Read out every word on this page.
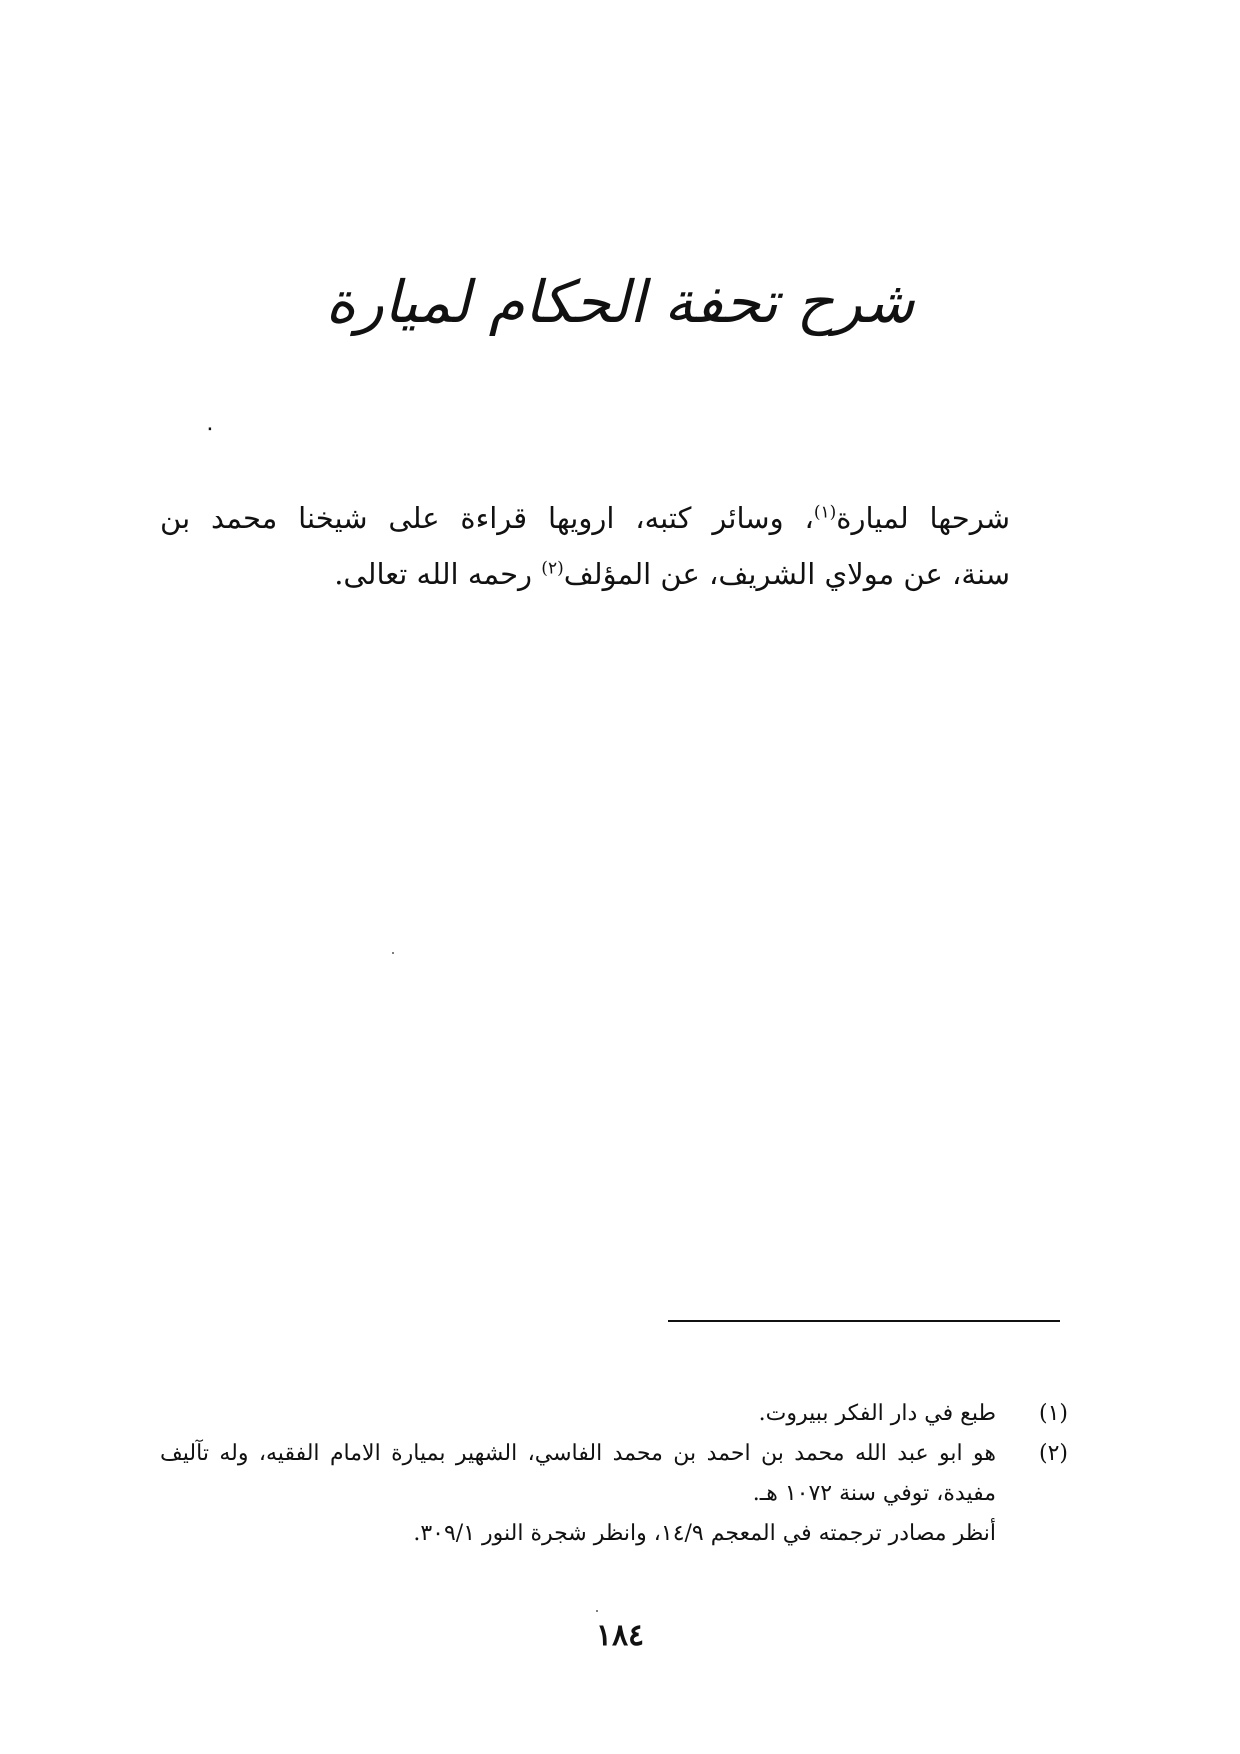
شرح تحفة الحكام لميارة
٠
شرحها لميارة$^{(١)}$، وسائر كتبه، ارويها قراءة على شيخنا محمد بن
سنة، عن مولاي الشريف، عن المؤلف$^{(٢)}$ رحمه الله تعالى.
(١)
طبع في دار الفكر ببيروت.
(٢)
هو ابو عبد الله محمد بن احمد بن محمد الفاسي، الشهير بميارة الامام الفقيه، وله تآليف
مفيدة، توفي سنة ١٠٧٢ هـ.
أنظر مصادر ترجمته في المعجم ١٤/٩، وانظر شجرة النور ٣٠٩/١.
١٨٤
